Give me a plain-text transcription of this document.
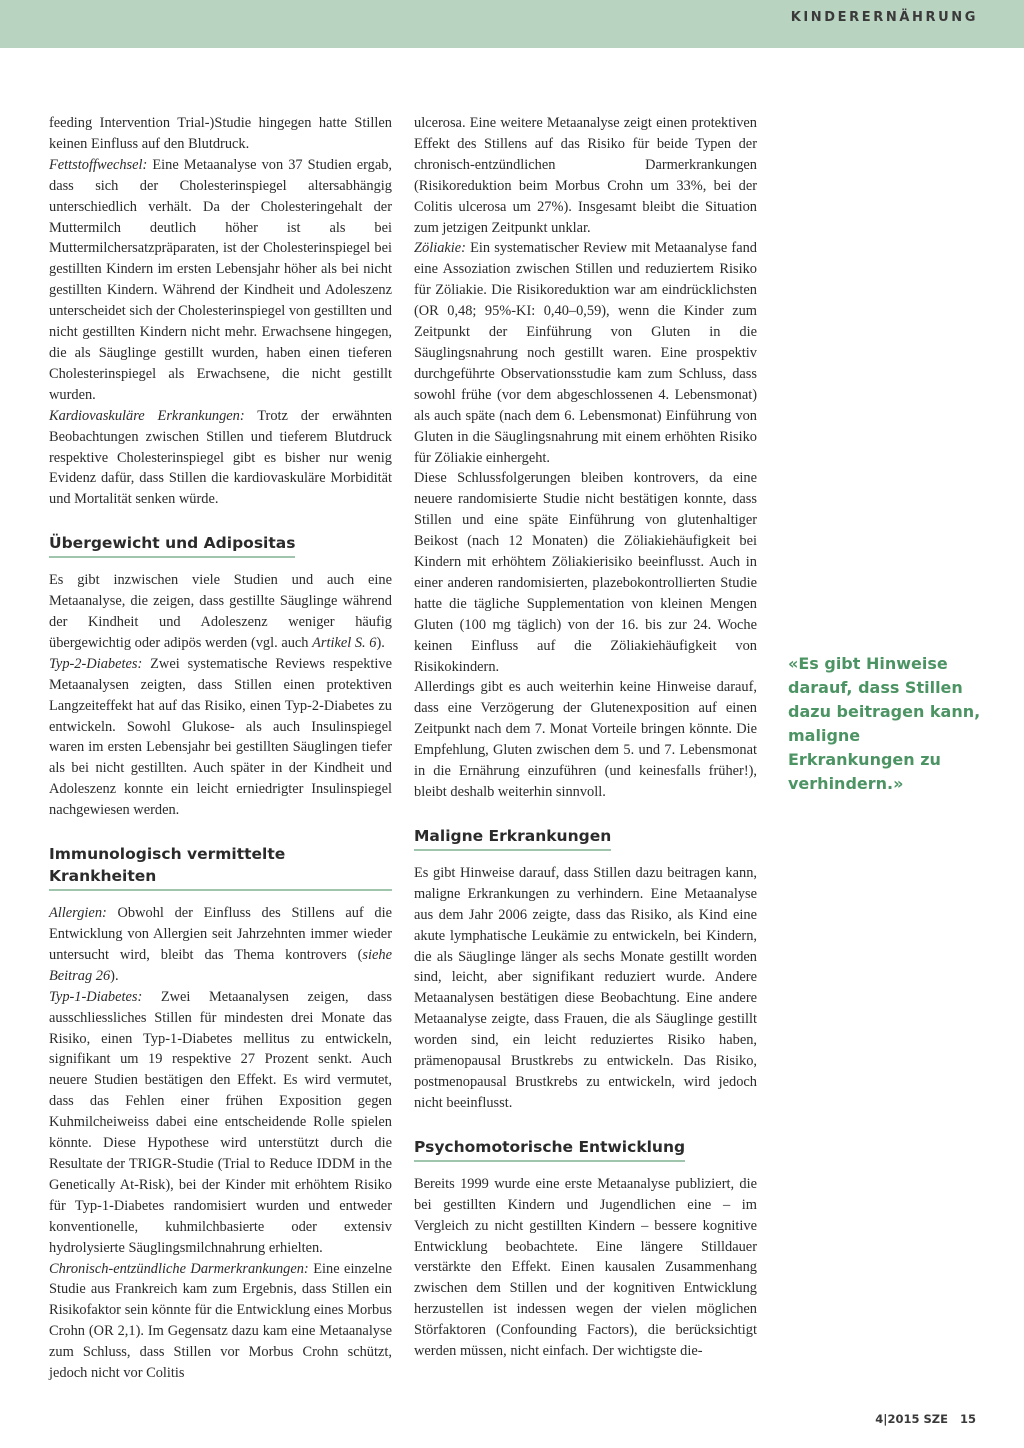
KINDERERNÄHRUNG

feeding Intervention Trial-)Studie hingegen hatte Stillen keinen Einfluss auf den Blutdruck.

Fettstoffwechsel: Eine Metaanalyse von 37 Studien ergab, dass sich der Cholesterinspiegel altersabhängig unterschiedlich verhält. Da der Cholesteringehalt der Muttermilch deutlich höher ist als bei Muttermilchersatzpräparaten, ist der Cholesterinspiegel bei gestillten Kindern im ersten Lebensjahr höher als bei nicht gestillten Kindern. Während der Kindheit und Adoleszenz unterscheidet sich der Cholesterinspiegel von gestillten und nicht gestillten Kindern nicht mehr. Erwachsene hingegen, die als Säuglinge gestillt wurden, haben einen tieferen Cholesterinspiegel als Erwachsene, die nicht gestillt wurden.

Kardiovaskuläre Erkrankungen: Trotz der erwähnten Beobachtungen zwischen Stillen und tieferem Blutdruck respektive Cholesterinspiegel gibt es bisher nur wenig Evidenz dafür, dass Stillen die kardiovaskuläre Morbidität und Mortalität senken würde.

Übergewicht und Adipositas

Es gibt inzwischen viele Studien und auch eine Metaanalyse, die zeigen, dass gestillte Säuglinge während der Kindheit und Adoleszenz weniger häufig übergewichtig oder adipös werden (vgl. auch Artikel S. 6).

Typ-2-Diabetes: Zwei systematische Reviews respektive Metaanalysen zeigten, dass Stillen einen protektiven Langzeiteffekt hat auf das Risiko, einen Typ-2-Diabetes zu entwickeln. Sowohl Glukose- als auch Insulinspiegel waren im ersten Lebensjahr bei gestillten Säuglingen tiefer als bei nicht gestillten. Auch später in der Kindheit und Adoleszenz konnte ein leicht erniedrigter Insulinspiegel nachgewiesen werden.

Immunologisch vermittelte Krankheiten

Allergien: Obwohl der Einfluss des Stillens auf die Entwicklung von Allergien seit Jahrzehnten immer wieder untersucht wird, bleibt das Thema kontrovers (siehe Beitrag 26).

Typ-1-Diabetes: Zwei Metaanalysen zeigen, dass ausschliessliches Stillen für mindesten drei Monate das Risiko, einen Typ-1-Diabetes mellitus zu entwickeln, signifikant um 19 respektive 27 Prozent senkt. Auch neuere Studien bestätigen den Effekt. Es wird vermutet, dass das Fehlen einer frühen Exposition gegen Kuhmilcheiweiss dabei eine entscheidende Rolle spielen könnte. Diese Hypothese wird unterstützt durch die Resultate der TRIGR-Studie (Trial to Reduce IDDM in the Genetically At-Risk), bei der Kinder mit erhöhtem Risiko für Typ-1-Diabetes randomisiert wurden und entweder konventionelle, kuhmilchbasierte oder extensiv hydrolysierte Säuglingsmilchnahrung erhielten.

Chronisch-entzündliche Darmerkrankungen: Eine einzelne Studie aus Frankreich kam zum Ergebnis, dass Stillen ein Risikofaktor sein könnte für die Entwicklung eines Morbus Crohn (OR 2,1). Im Gegensatz dazu kam eine Metaanalyse zum Schluss, dass Stillen vor Morbus Crohn schützt, jedoch nicht vor Colitis

ulcerosa. Eine weitere Metaanalyse zeigt einen protektiven Effekt des Stillens auf das Risiko für beide Typen der chronisch-entzündlichen Darmerkrankungen (Risikoreduktion beim Morbus Crohn um 33%, bei der Colitis ulcerosa um 27%). Insgesamt bleibt die Situation zum jetzigen Zeitpunkt unklar.

Zöliakie: Ein systematischer Review mit Metaanalyse fand eine Assoziation zwischen Stillen und reduziertem Risiko für Zöliakie. Die Risikoreduktion war am eindrücklichsten (OR 0,48; 95%-KI: 0,40–0,59), wenn die Kinder zum Zeitpunkt der Einführung von Gluten in die Säuglingsnahrung noch gestillt waren. Eine prospektiv durchgeführte Observationsstudie kam zum Schluss, dass sowohl frühe (vor dem abgeschlossenen 4. Lebensmonat) als auch späte (nach dem 6. Lebensmonat) Einführung von Gluten in die Säuglingsnahrung mit einem erhöhten Risiko für Zöliakie einhergeht.

Diese Schlussfolgerungen bleiben kontrovers, da eine neuere randomisierte Studie nicht bestätigen konnte, dass Stillen und eine späte Einführung von glutenhaltiger Beikost (nach 12 Monaten) die Zöliakiehäufigkeit bei Kindern mit erhöhtem Zöliakierisiko beeinflusst. Auch in einer anderen randomisierten, plazebokontrollierten Studie hatte die tägliche Supplementation von kleinen Mengen Gluten (100 mg täglich) von der 16. bis zur 24. Woche keinen Einfluss auf die Zöliakiehäufigkeit von Risikokindern.

Allerdings gibt es auch weiterhin keine Hinweise darauf, dass eine Verzögerung der Glutenexposition auf einen Zeitpunkt nach dem 7. Monat Vorteile bringen könnte. Die Empfehlung, Gluten zwischen dem 5. und 7. Lebensmonat in die Ernährung einzuführen (und keinesfalls früher!), bleibt deshalb weiterhin sinnvoll.

Maligne Erkrankungen

Es gibt Hinweise darauf, dass Stillen dazu beitragen kann, maligne Erkrankungen zu verhindern. Eine Metaanalyse aus dem Jahr 2006 zeigte, dass das Risiko, als Kind eine akute lymphatische Leukämie zu entwickeln, bei Kindern, die als Säuglinge länger als sechs Monate gestillt worden sind, leicht, aber signifikant reduziert wurde. Andere Metaanalysen bestätigen diese Beobachtung. Eine andere Metaanalyse zeigte, dass Frauen, die als Säuglinge gestillt worden sind, ein leicht reduziertes Risiko haben, prämenopausal Brustkrebs zu entwickeln. Das Risiko, postmenopausal Brustkrebs zu entwickeln, wird jedoch nicht beeinflusst.

Psychomotorische Entwicklung

Bereits 1999 wurde eine erste Metaanalyse publiziert, die bei gestillten Kindern und Jugendlichen eine – im Vergleich zu nicht gestillten Kindern – bessere kognitive Entwicklung beobachtete. Eine längere Stilldauer verstärkte den Effekt. Einen kausalen Zusammenhang zwischen dem Stillen und der kognitiven Entwicklung herzustellen ist indessen wegen der vielen möglichen Störfaktoren (Confounding Factors), die berücksichtigt werden müssen, nicht einfach. Der wichtigste die-

«Es gibt Hinweise darauf, dass Stillen dazu beitragen kann, maligne Erkrankungen zu verhindern.»
4|2015 SZE 15
